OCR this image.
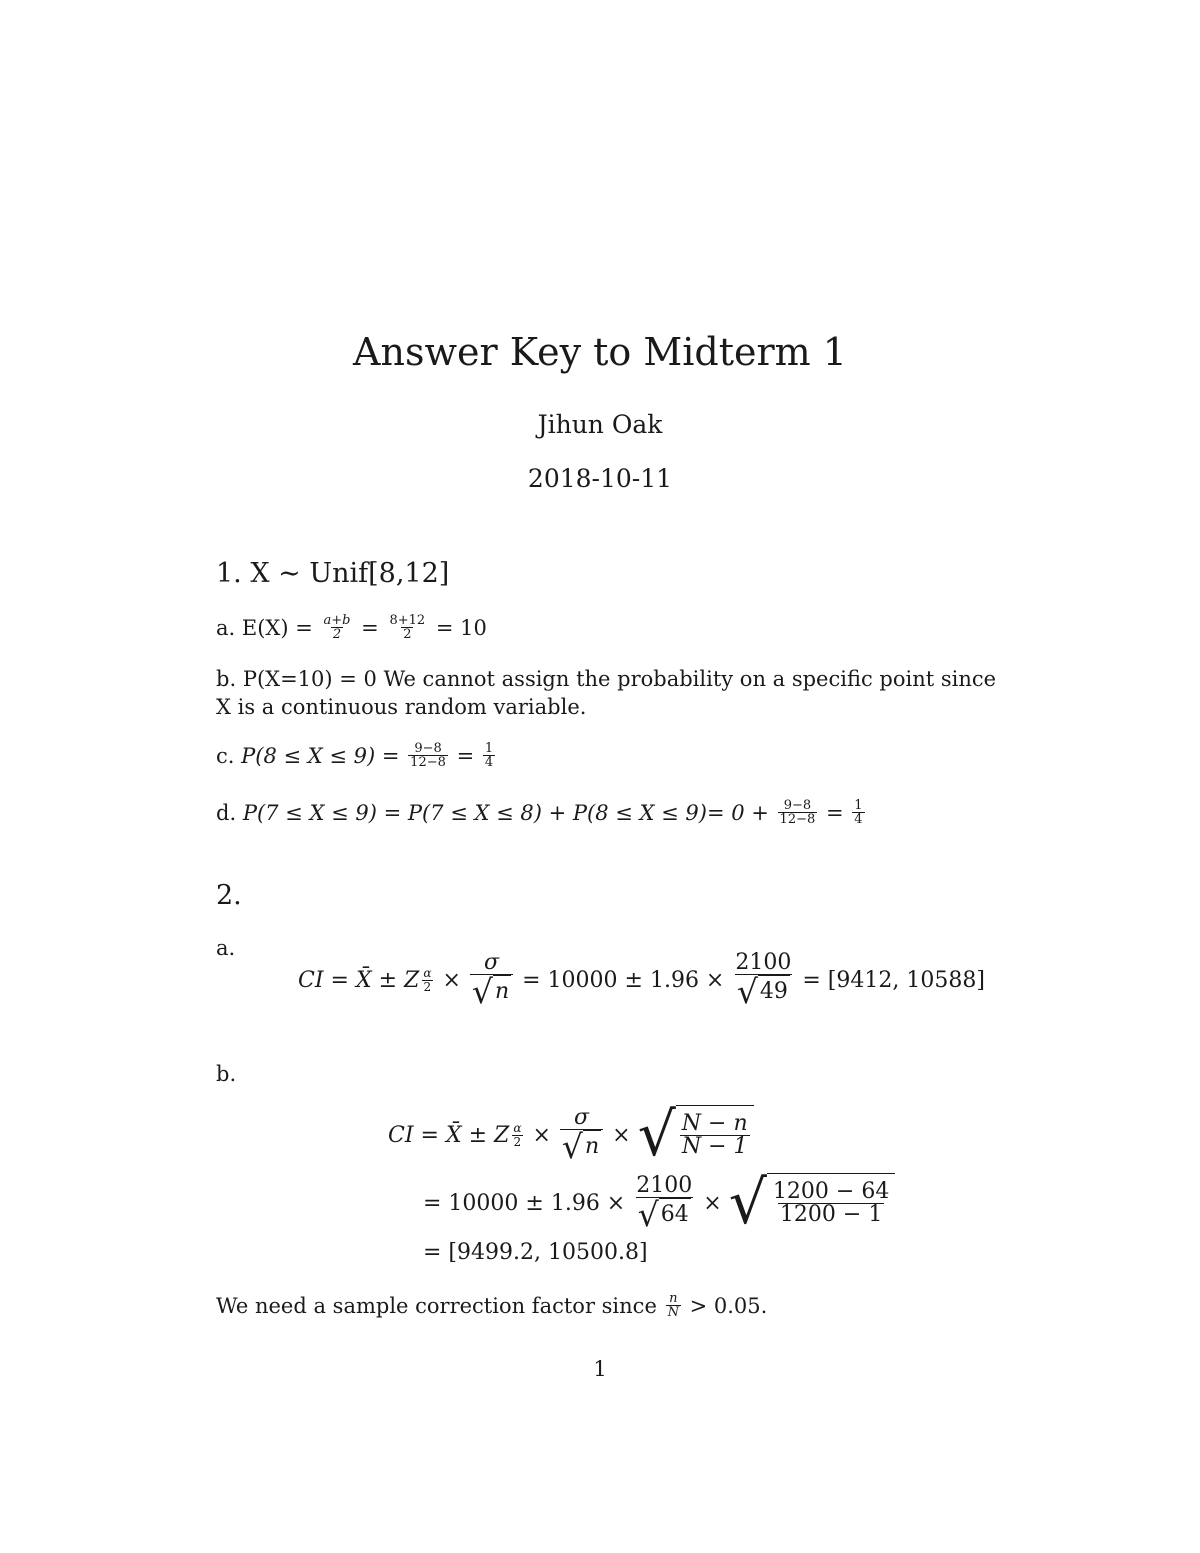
Answer Key to Midterm 1
Jihun Oak
2018-10-11
1. X ∼ Unif[8,12]
a.
E(X) =
$\frac{a+b}{2}$
=
$\frac{8+12}{2}$
= 10
b. P(X=10) = 0 We cannot assign the probability on a specific point since
X is a continuous random variable.
c.
P(8 ≤ X ≤ 9) =
$\frac{9-8}{12-8}$
=
$\frac{1}{4}$
d.
P(7 ≤ X ≤ 9) = P(7 ≤ X ≤ 8) + P(8 ≤ X ≤ 9)= 0 +
$\frac{9-8}{12-8}$
=
$\frac{1}{4}$
2.
a.
CI = X̄ ± Z $\frac{\alpha}{2}$
×
$\frac{\sigma}{√ n}$
= 10000 ± 1.96 ×
$\frac{2100}{√ 49}$
= [9412, 10588]
b.
CI = X̄ ± Z $\frac{\alpha}{2}$
×
$\frac{\sigma}{√ n}$
×
√ $\frac{N - n}{N - 1}$
= 10000 ± 1.96 ×
$\frac{2100}{√ 64}$
×
√ $\frac{1200 - 64}{1200 - 1}$
= [9499.2, 10500.8]
We need a sample correction factor since
$\frac{n}{N}$
> 0.05.
1
